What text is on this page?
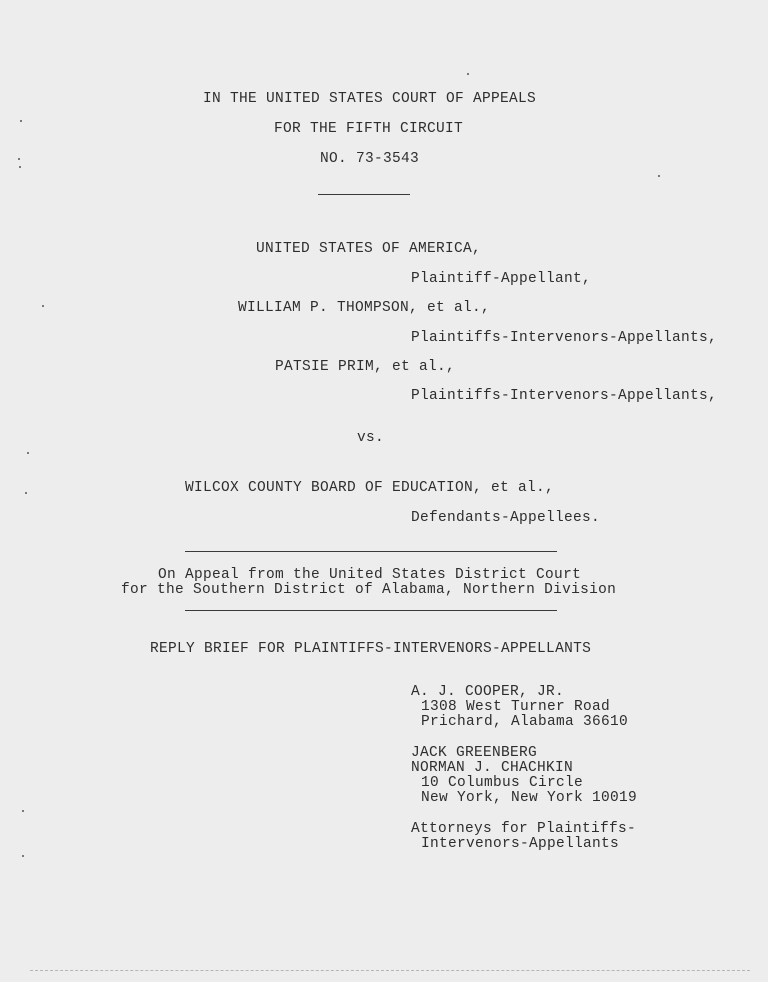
IN THE UNITED STATES COURT OF APPEALS
FOR THE FIFTH CIRCUIT
NO. 73-3543
UNITED STATES OF AMERICA,
Plaintiff-Appellant,
WILLIAM P. THOMPSON, et al.,
Plaintiffs-Intervenors-Appellants,
PATSIE PRIM, et al.,
Plaintiffs-Intervenors-Appellants,
vs.
WILCOX COUNTY BOARD OF EDUCATION, et al.,
Defendants-Appellees.
On Appeal from the United States District Court
for the Southern District of Alabama, Northern Division
REPLY BRIEF FOR PLAINTIFFS-INTERVENORS-APPELLANTS
A. J. COOPER, JR.
1308 West Turner Road
Prichard, Alabama 36610
JACK GREENBERG
NORMAN J. CHACHKIN
10 Columbus Circle
New York, New York 10019
Attorneys for Plaintiffs-
Intervenors-Appellants
